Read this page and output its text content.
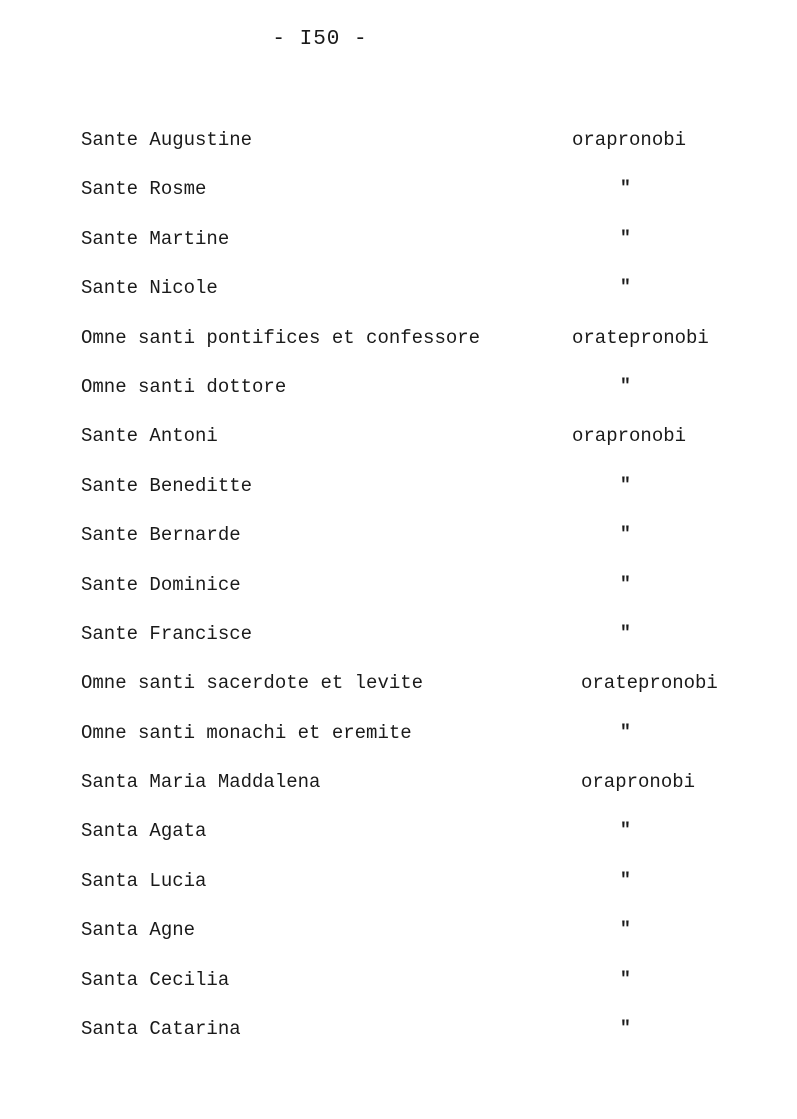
- I50 -
Sante Augustine	orapronobi
Sante Rosme	"
Sante Martine	"
Sante Nicole	"
Omne santi pontifices et confessore	oratepronobi
Omne santi dottore	"
Sante Antoni	orapronobi
Sante Beneditte	"
Sante Bernarde	"
Sante Dominice	"
Sante Francisce	"
Omne santi sacerdote et levite	oratepronobi
Omne santi monachi et eremite	"
Santa Maria Maddalena	orapronobi
Santa Agata	"
Santa Lucia	"
Santa Agne	"
Santa Cecilia	"
Santa Catarina	"
